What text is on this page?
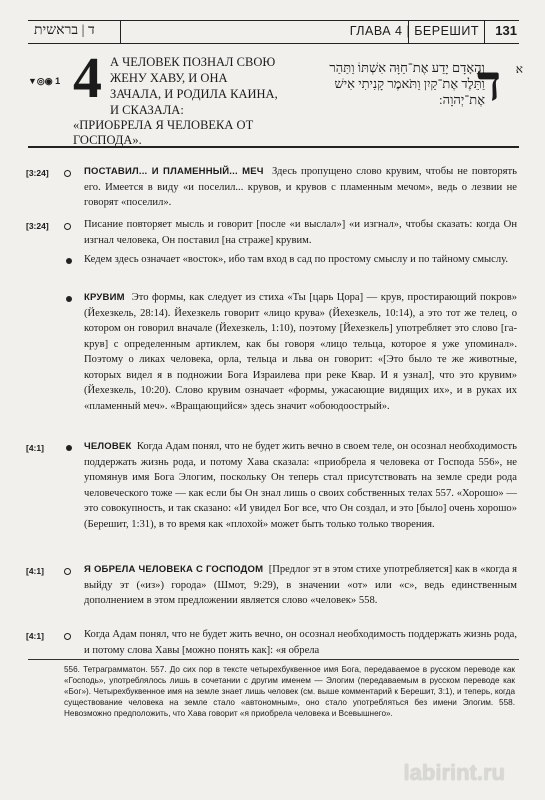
ד | בראשית	ГЛАВА 4 | БЕРЕШИТ 131
▼◎◉ 1 4 А ЧЕЛОВЕК ПОЗНАЛ СВОЮ ЖЕНУ ХАВУ, И ОНА ЗАЧАЛА, И РОДИЛА КАИНА, И СКАЗАЛА:
«ПРИОБРЕЛА Я ЧЕЛОВЕКА ОТ ГОСПОДА».
וְהָאָדָם יָדַע אֶת־חַוָּה אִשְׁתּוֹ וַתַּהַר וַתֵּלֶד אֶת־קַיִן וַתֹּאמֶר קָנִיתִי אִישׁ אֶת־יְהוָה:
ד א
[3:24]	ПОСТАВИЛ... И ПЛАМЕННЫЙ... МЕЧ Здесь пропущено слово крувим, чтобы не повторять его. Имеется в виду «и поселил... крувов, и крувов с пламенным мечом», ведь о лезвии не говорят «поселил».
[3:24]	Писание повторяет мысль и говорит [после «и выслал»] «и изгнал», чтобы сказать: когда Он изгнал человека, Он поставил [на страже] крувим.
Кедем здесь означает «восток», ибо там вход в сад по простому смыслу и по тайному смыслу.
КРУВИМ Это формы, как следует из стиха «Ты [царь Цора] — крув, простирающий покров» (Йехезкель, 28:14). Йехезкель говорит «лицо крува» (Йехезкель, 10:14), а это тот же телец, о котором он говорил вначале (Йехезкель, 1:10), поэтому [Йехезкель] употребляет это слово [га-крув] с определенным артиклем, как бы говоря «лицо тельца, которое я уже упоминал». Поэтому о ликах человека, орла, тельца и льва он говорит: «[Это было те же животные, которых видел я в подножии Бога Израилева при реке Квар. И я узнал], что это крувим» (Йехезкель, 10:20). Слово крувим означает «формы, ужасающие видящих их», и в руках их «пламенный меч». «Вращающийся» здесь значит «обоюдоострый».
[4:1]	ЧЕЛОВЕК Когда Адам понял, что не будет жить вечно в своем теле, он осознал необходимость поддержать жизнь рода, и потому Хава сказала: «приобрела я человека от Господа 556», не упомянув имя Бога Элогим, поскольку Он теперь стал присутствовать на земле среди рода человеческого тоже — как если бы Он знал лишь о своих собственных телах 557. «Хорошо» — это совокупность, и так сказано: «И увидел Бог все, что Он создал, и это [было] очень хорошо» (Берешит, 1:31), в то время как «плохой» может быть только только творения.
[4:1]	Я ОБРЕЛА ЧЕЛОВЕКА С ГОСПОДОМ [Предлог эт в этом стихе употребляется] как в «когда я выйду эт («из») города» (Шмот, 9:29), в значении «от» или «с», ведь единственным дополнением в этом предложении является слово «человек» 558.
[4:1]	Когда Адам понял, что не будет жить вечно, он осознал необходимость поддержать жизнь рода, и потому слова Хавы [можно понять как]: «я обрела
556. Тетраграмматон. 557. До сих пор в тексте четырехбуквенное имя Бога, передаваемое в русском переводе как «Господь», употреблялось лишь в сочетании с другим именем — Элогим (передаваемым в русском переводе как «Бог»). Четырехбуквенное имя на земле знает лишь человек (см. выше комментарий к Берешит, 3:1), и теперь, когда существование человека на земле стало «автономным», оно стало употребляться без имени Элогим. 558. Невозможно предположить, что Хава говорит «я приобрела человека и Всевышнего».
labirint.ru
